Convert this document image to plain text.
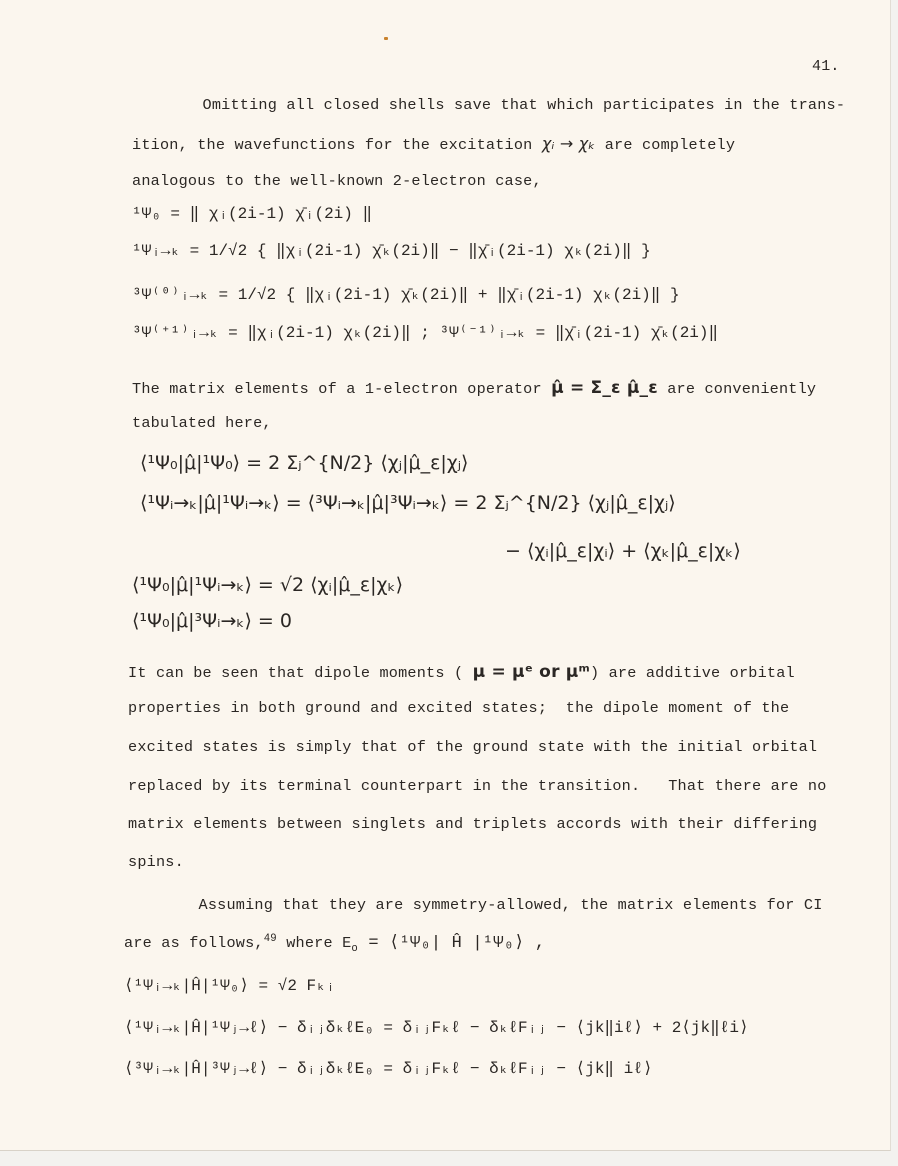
41.
Omitting all closed shells save that which participates in the trans-
ition, the wavefunctions for the excitation χᵢ → χₖ are completely
analogous to the well-known 2-electron case,
¹Ψ₀ = ‖ χᵢ(2i-1) χ̄ᵢ(2i) ‖
¹Ψᵢ→ₖ = 1/√2 { ‖χᵢ(2i-1) χ̄ₖ(2i)‖ − ‖χ̄ᵢ(2i-1) χₖ(2i)‖ }
³Ψ⁽⁰⁾ᵢ→ₖ = 1/√2 { ‖χᵢ(2i-1) χ̄ₖ(2i)‖ + ‖χ̄ᵢ(2i-1) χₖ(2i)‖ }
³Ψ⁽⁺¹⁾ᵢ→ₖ = ‖χᵢ(2i-1) χₖ(2i)‖ ; ³Ψ⁽⁻¹⁾ᵢ→ₖ = ‖χ̄ᵢ(2i-1) χ̄ₖ(2i)‖
The matrix elements of a 1-electron operator μ̂ = Σ_ε μ̂_ε are conveniently
tabulated here,
⟨¹Ψ₀|μ̂|¹Ψ₀⟩ = 2 Σⱼ^{N/2} ⟨χⱼ|μ̂_ε|χⱼ⟩
⟨¹Ψᵢ→ₖ|μ̂|¹Ψᵢ→ₖ⟩ = ⟨³Ψᵢ→ₖ|μ̂|³Ψᵢ→ₖ⟩ = 2 Σⱼ^{N/2} ⟨χⱼ|μ̂_ε|χⱼ⟩
− ⟨χᵢ|μ̂_ε|χᵢ⟩ + ⟨χₖ|μ̂_ε|χₖ⟩
⟨¹Ψ₀|μ̂|¹Ψᵢ→ₖ⟩ = √2 ⟨χᵢ|μ̂_ε|χₖ⟩
⟨¹Ψ₀|μ̂|³Ψᵢ→ₖ⟩ = 0
It can be seen that dipole moments ( μ = μᵉ or μᵐ) are additive orbital
properties in both ground and excited states;  the dipole moment of the
excited states is simply that of the ground state with the initial orbital
replaced by its terminal counterpart in the transition.   That there are no
matrix elements between singlets and triplets accords with their differing
spins.
Assuming that they are symmetry-allowed, the matrix elements for CI
are as follows,$^{49}$ where $E_o$ = ⟨¹Ψ₀| Ĥ |¹Ψ₀⟩ ,
⟨¹Ψᵢ→ₖ|Ĥ|¹Ψ₀⟩ = √2 Fₖᵢ
⟨¹Ψᵢ→ₖ|Ĥ|¹Ψⱼ→ℓ⟩ − δᵢⱼδₖℓE₀ = δᵢⱼFₖℓ − δₖℓFᵢⱼ − ⟨jk‖iℓ⟩ + 2⟨jk‖ℓi⟩
⟨³Ψᵢ→ₖ|Ĥ|³Ψⱼ→ℓ⟩ − δᵢⱼδₖℓE₀ = δᵢⱼFₖℓ − δₖℓFᵢⱼ − ⟨jk‖ iℓ⟩
